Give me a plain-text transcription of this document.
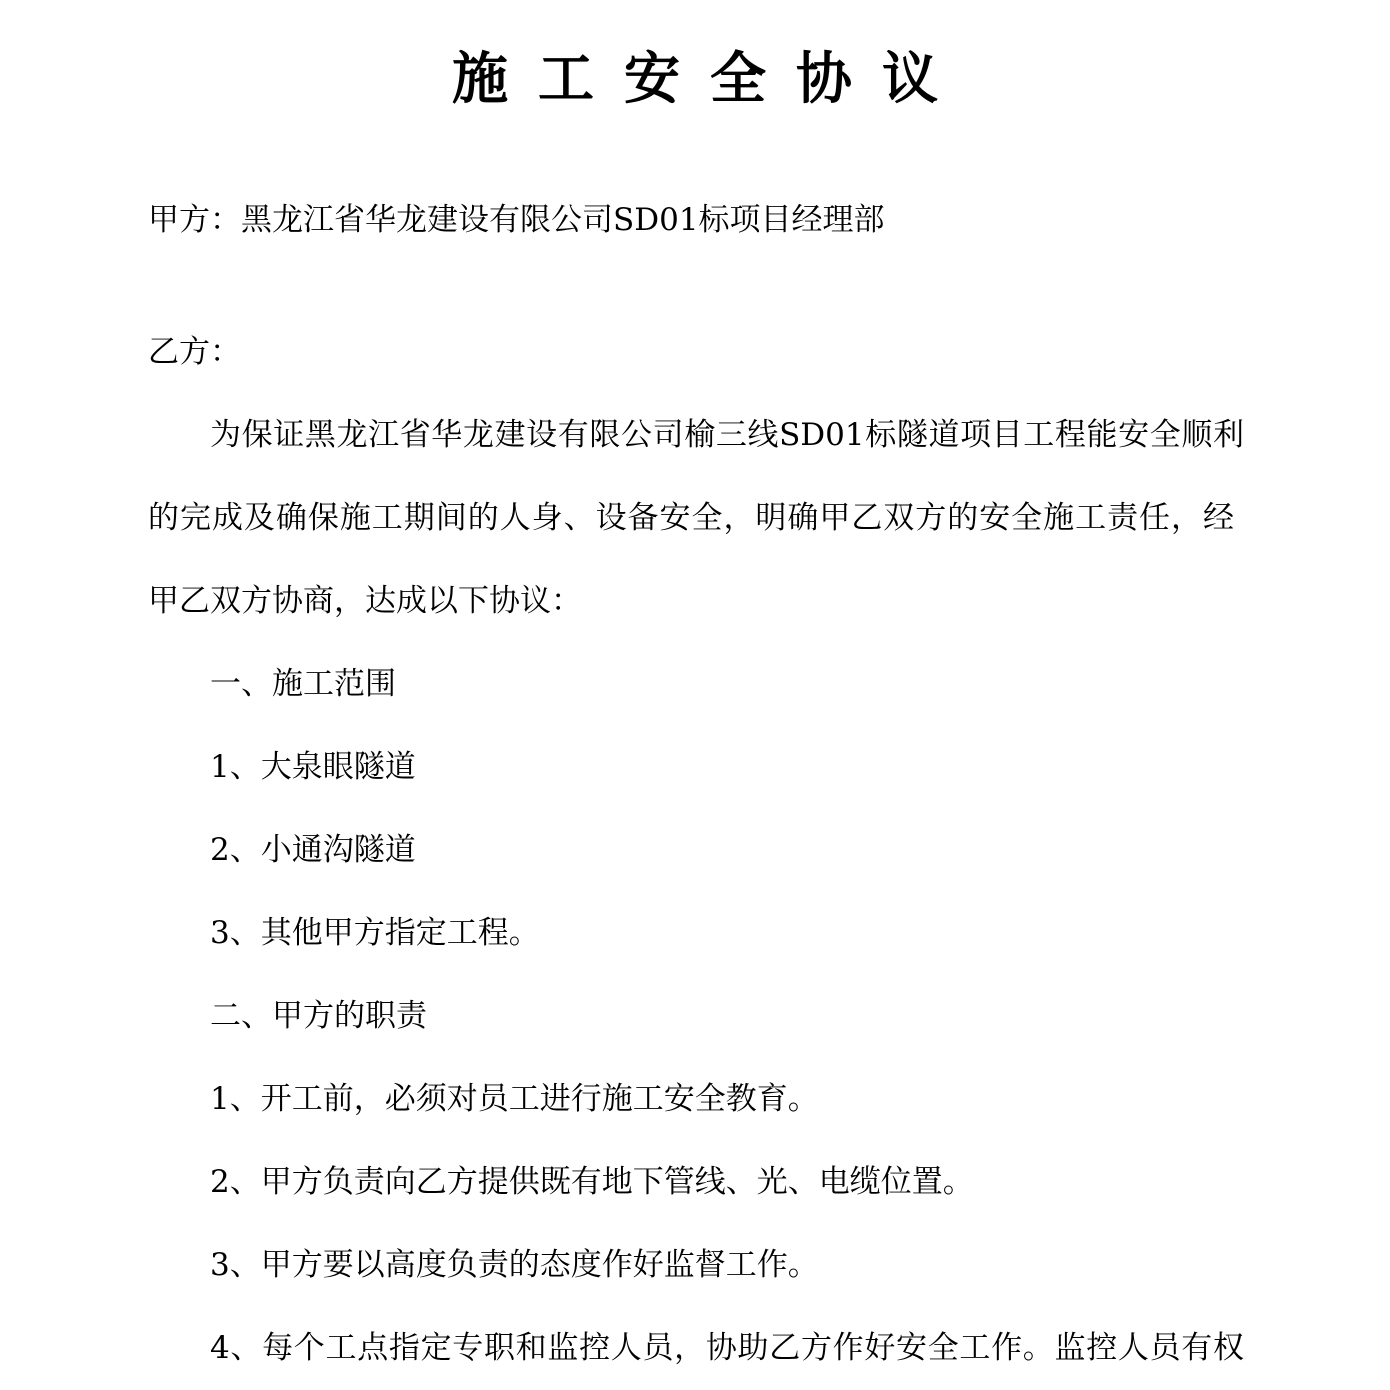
施工安全协议
甲方：黑龙江省华龙建设有限公司SD01标项目经理部
乙方：
为保证黑龙江省华龙建设有限公司榆三线SD01标隧道项目工程能安全顺利
的完成及确保施工期间的人身、设备安全，明确甲乙双方的安全施工责任，经
甲乙双方协商，达成以下协议：
一、施工范围
1、大泉眼隧道
2、小通沟隧道
3、其他甲方指定工程。
二、甲方的职责
1、开工前，必须对员工进行施工安全教育。
2、甲方负责向乙方提供既有地下管线、光、电缆位置。
3、甲方要以高度负责的态度作好监督工作。
4、每个工点指定专职和监控人员，协助乙方作好安全工作。监控人员有权
